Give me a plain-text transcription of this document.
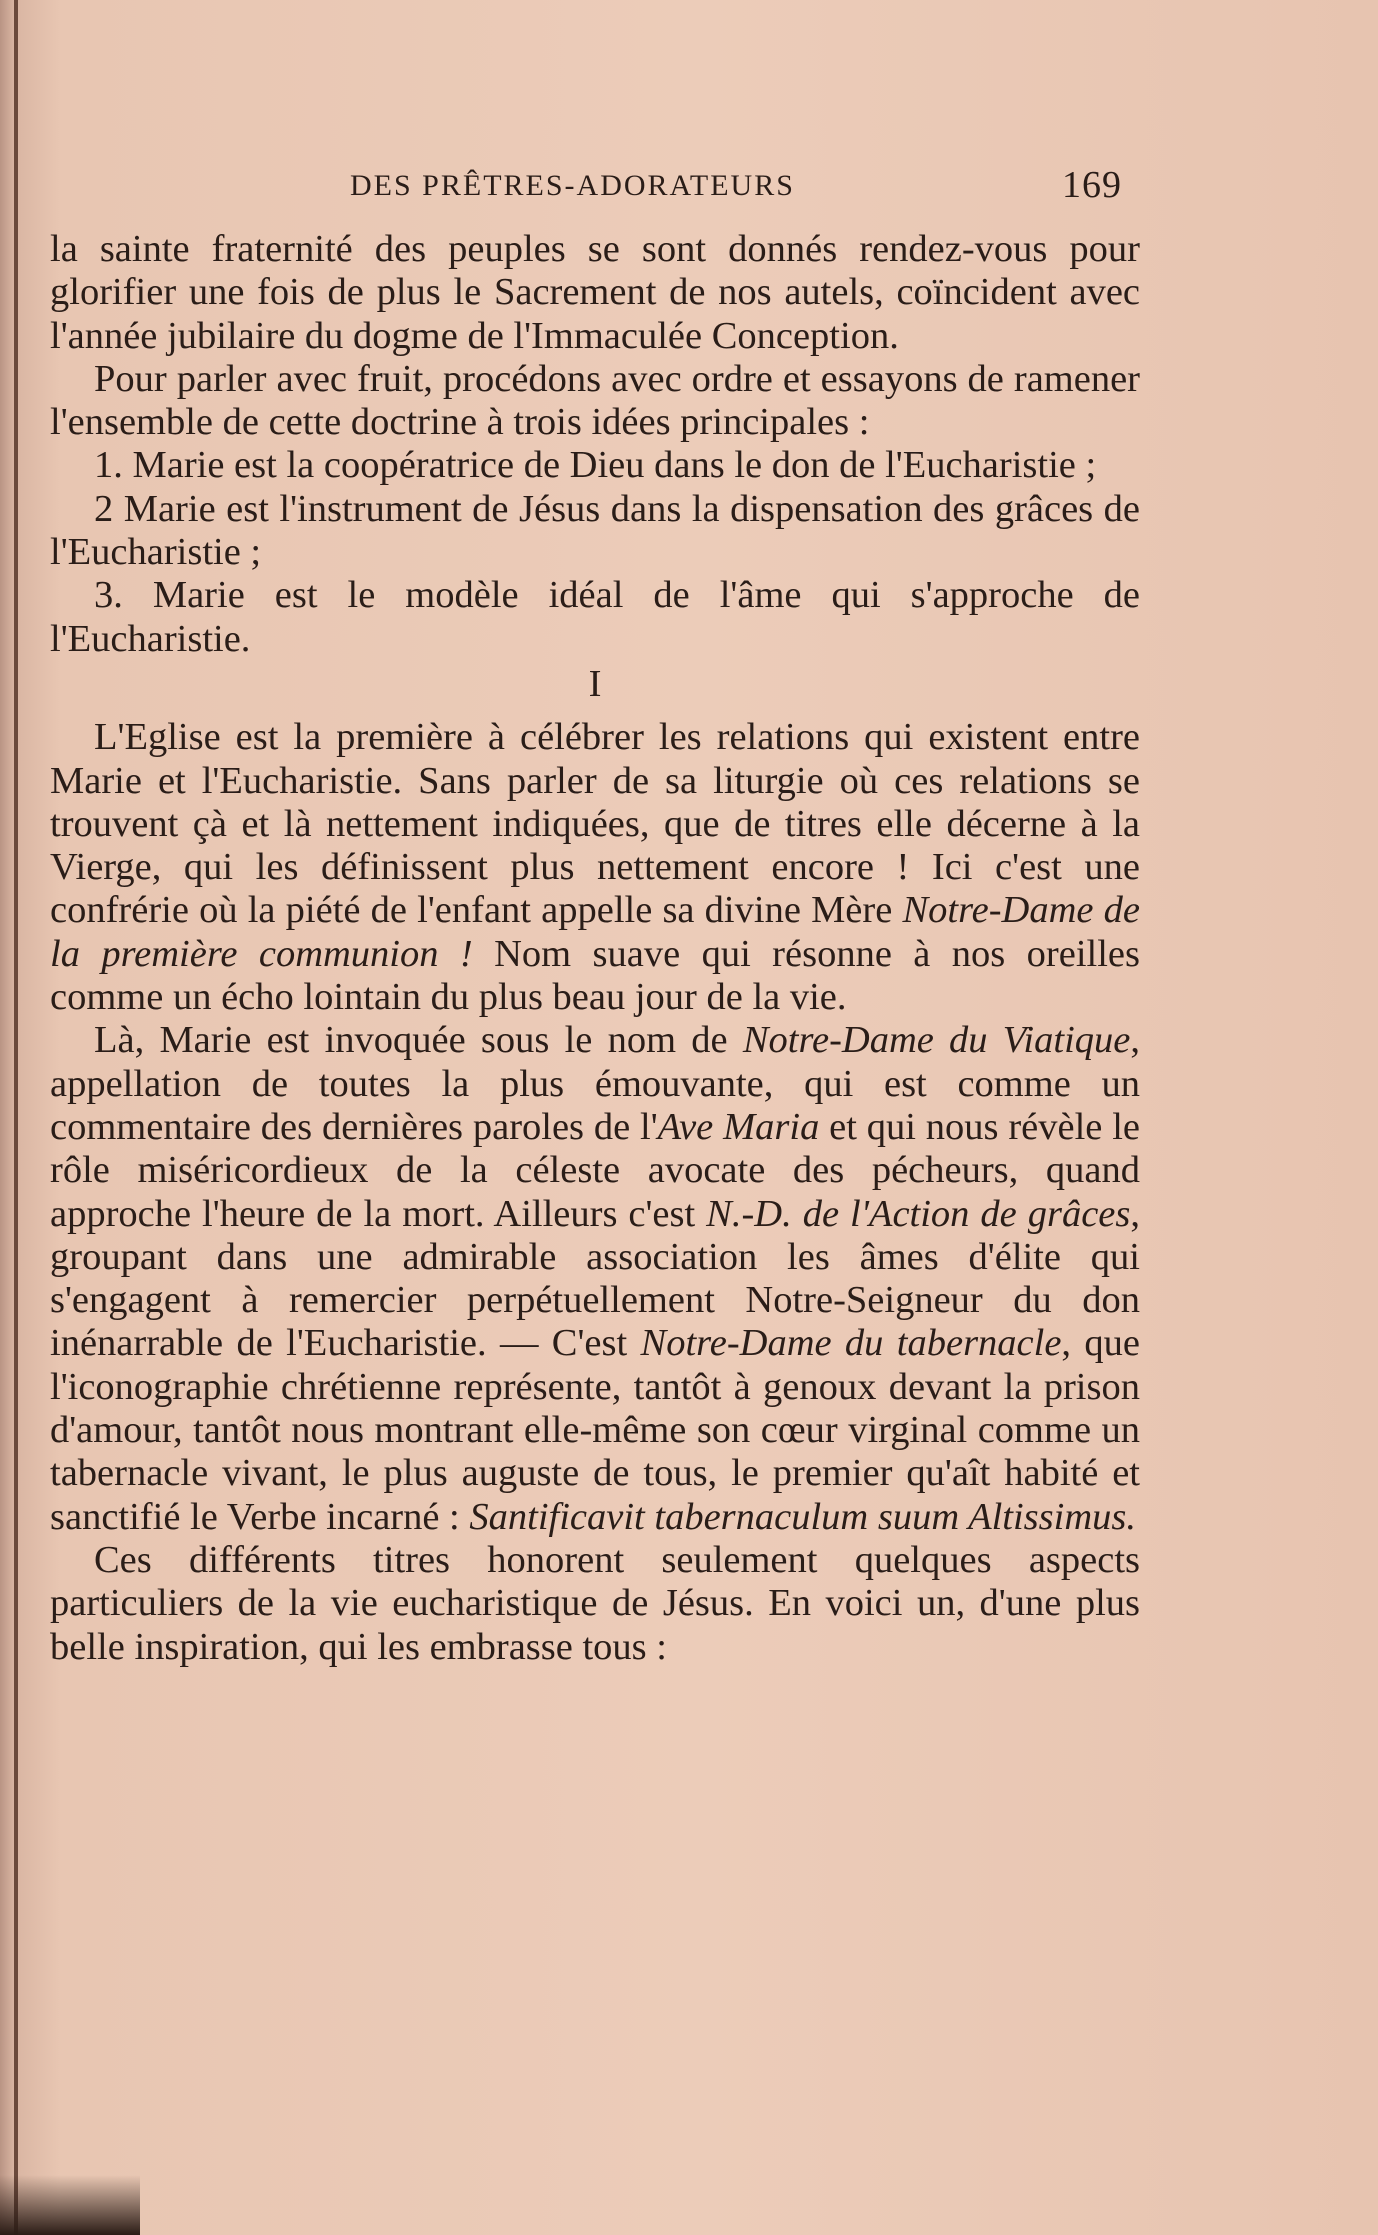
DES PRÊTRES-ADORATEURS	169

la sainte fraternité des peuples se sont donnés rendez-vous pour glorifier une fois de plus le Sacrement de nos autels, coïncident avec l'année jubilaire du dogme de l'Immaculée Conception.

Pour parler avec fruit, procédons avec ordre et essayons de ramener l'ensemble de cette doctrine à trois idées principales :

1. Marie est la coopératrice de Dieu dans le don de l'Eucharistie ;

2 Marie est l'instrument de Jésus dans la dispensation des grâces de l'Eucharistie ;

3. Marie est le modèle idéal de l'âme qui s'approche de l'Eucharistie.

I

L'Eglise est la première à célébrer les relations qui existent entre Marie et l'Eucharistie. Sans parler de sa liturgie où ces relations se trouvent çà et là nettement indiquées, que de titres elle décerne à la Vierge, qui les définissent plus nettement encore ! Ici c'est une confrérie où la piété de l'enfant appelle sa divine Mère Notre-Dame de la première communion ! Nom suave qui résonne à nos oreilles comme un écho lointain du plus beau jour de la vie.

Là, Marie est invoquée sous le nom de Notre-Dame du Viatique, appellation de toutes la plus émouvante, qui est comme un commentaire des dernières paroles de l'Ave Maria et qui nous révèle le rôle miséricordieux de la céleste avocate des pécheurs, quand approche l'heure de la mort. Ailleurs c'est N.-D. de l'Action de grâces, groupant dans une admirable association les âmes d'élite qui s'engagent à remercier perpétuellement Notre-Seigneur du don inénarrable de l'Eucharistie. — C'est Notre-Dame du tabernacle, que l'iconographie chrétienne représente, tantôt à genoux devant la prison d'amour, tantôt nous montrant elle-même son cœur virginal comme un tabernacle vivant, le plus auguste de tous, le premier qu'aît habité et sanctifié le Verbe incarné : Santificavit tabernaculum suum Altissimus.

Ces différents titres honorent seulement quelques aspects particuliers de la vie eucharistique de Jésus. En voici un, d'une plus belle inspiration, qui les embrasse tous :
